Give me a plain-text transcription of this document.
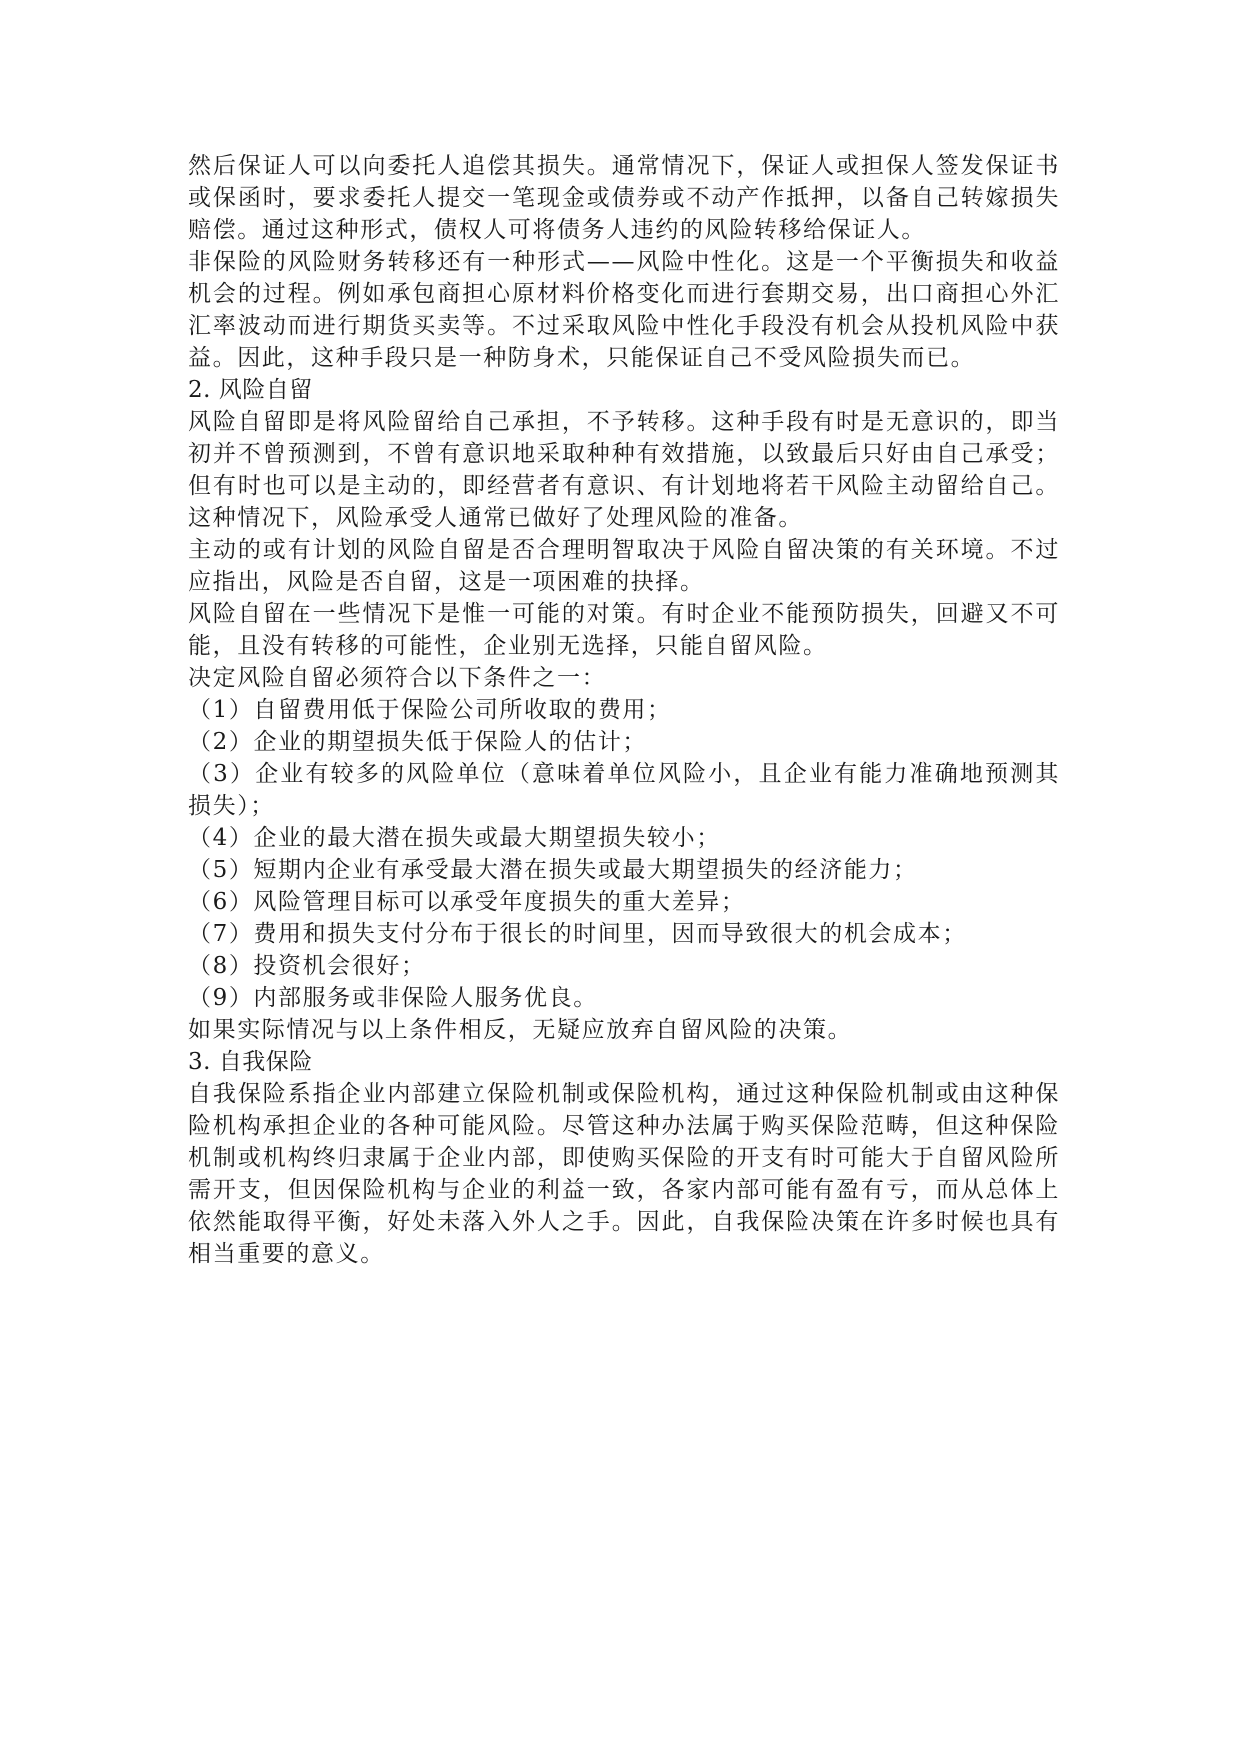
然后保证人可以向委托人追偿其损失。通常情况下，保证人或担保人签发保证书或保函时，要求委托人提交一笔现金或债券或不动产作抵押，以备自己转嫁损失赔偿。通过这种形式，债权人可将债务人违约的风险转移给保证人。

非保险的风险财务转移还有一种形式——风险中性化。这是一个平衡损失和收益机会的过程。例如承包商担心原材料价格变化而进行套期交易，出口商担心外汇汇率波动而进行期货买卖等。不过采取风险中性化手段没有机会从投机风险中获益。因此，这种手段只是一种防身术，只能保证自己不受风险损失而已。

2. 风险自留

风险自留即是将风险留给自己承担，不予转移。这种手段有时是无意识的，即当初并不曾预测到，不曾有意识地采取种种有效措施，以致最后只好由自己承受；但有时也可以是主动的，即经营者有意识、有计划地将若干风险主动留给自己。这种情况下，风险承受人通常已做好了处理风险的准备。

主动的或有计划的风险自留是否合理明智取决于风险自留决策的有关环境。不过应指出，风险是否自留，这是一项困难的抉择。

风险自留在一些情况下是惟一可能的对策。有时企业不能预防损失，回避又不可能，且没有转移的可能性，企业别无选择，只能自留风险。

决定风险自留必须符合以下条件之一：

（1）自留费用低于保险公司所收取的费用；

（2）企业的期望损失低于保险人的估计；

（3）企业有较多的风险单位（意味着单位风险小，且企业有能力准确地预测其损失）；

（4）企业的最大潜在损失或最大期望损失较小；

（5）短期内企业有承受最大潜在损失或最大期望损失的经济能力；

（6）风险管理目标可以承受年度损失的重大差异；

（7）费用和损失支付分布于很长的时间里，因而导致很大的机会成本；

（8）投资机会很好；

（9）内部服务或非保险人服务优良。

如果实际情况与以上条件相反，无疑应放弃自留风险的决策。

3. 自我保险

自我保险系指企业内部建立保险机制或保险机构，通过这种保险机制或由这种保险机构承担企业的各种可能风险。尽管这种办法属于购买保险范畴，但这种保险机制或机构终归隶属于企业内部，即使购买保险的开支有时可能大于自留风险所需开支，但因保险机构与企业的利益一致，各家内部可能有盈有亏，而从总体上依然能取得平衡，好处未落入外人之手。因此，自我保险决策在许多时候也具有相当重要的意义。
